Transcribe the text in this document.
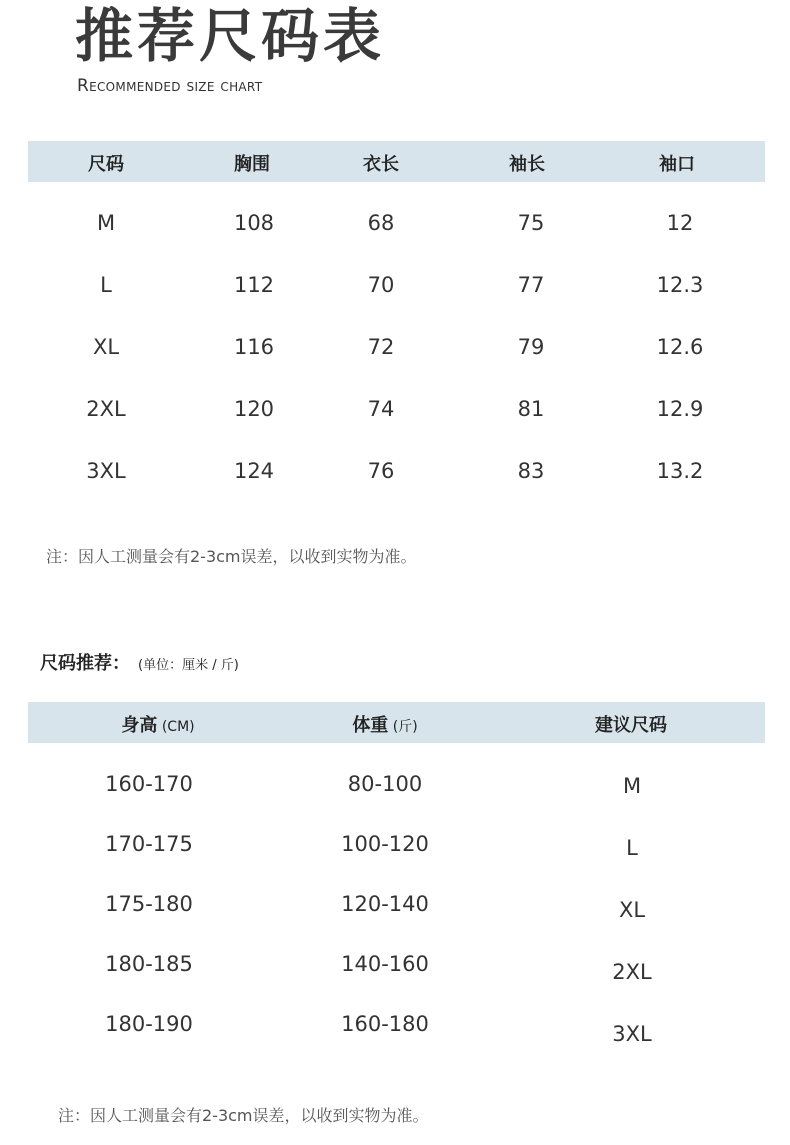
推荐尺码表
Recommended size chart
尺码	胸围	衣长	袖长	袖口
M	108	68	75	12
L	112	70	77	12.3
XL	116	72	79	12.6
2XL	120	74	81	12.9
3XL	124	76	83	13.2
注：因人工测量会有2-3cm误差，以收到实物为准。
尺码推荐： (单位：厘米 / 斤)
身高 (CM)	体重 (斤)	建议尺码
160-170	80-100	M
170-175	100-120	L
175-180	120-140	XL
180-185	140-160	2XL
180-190	160-180	3XL
注：因人工测量会有2-3cm误差，以收到实物为准。
